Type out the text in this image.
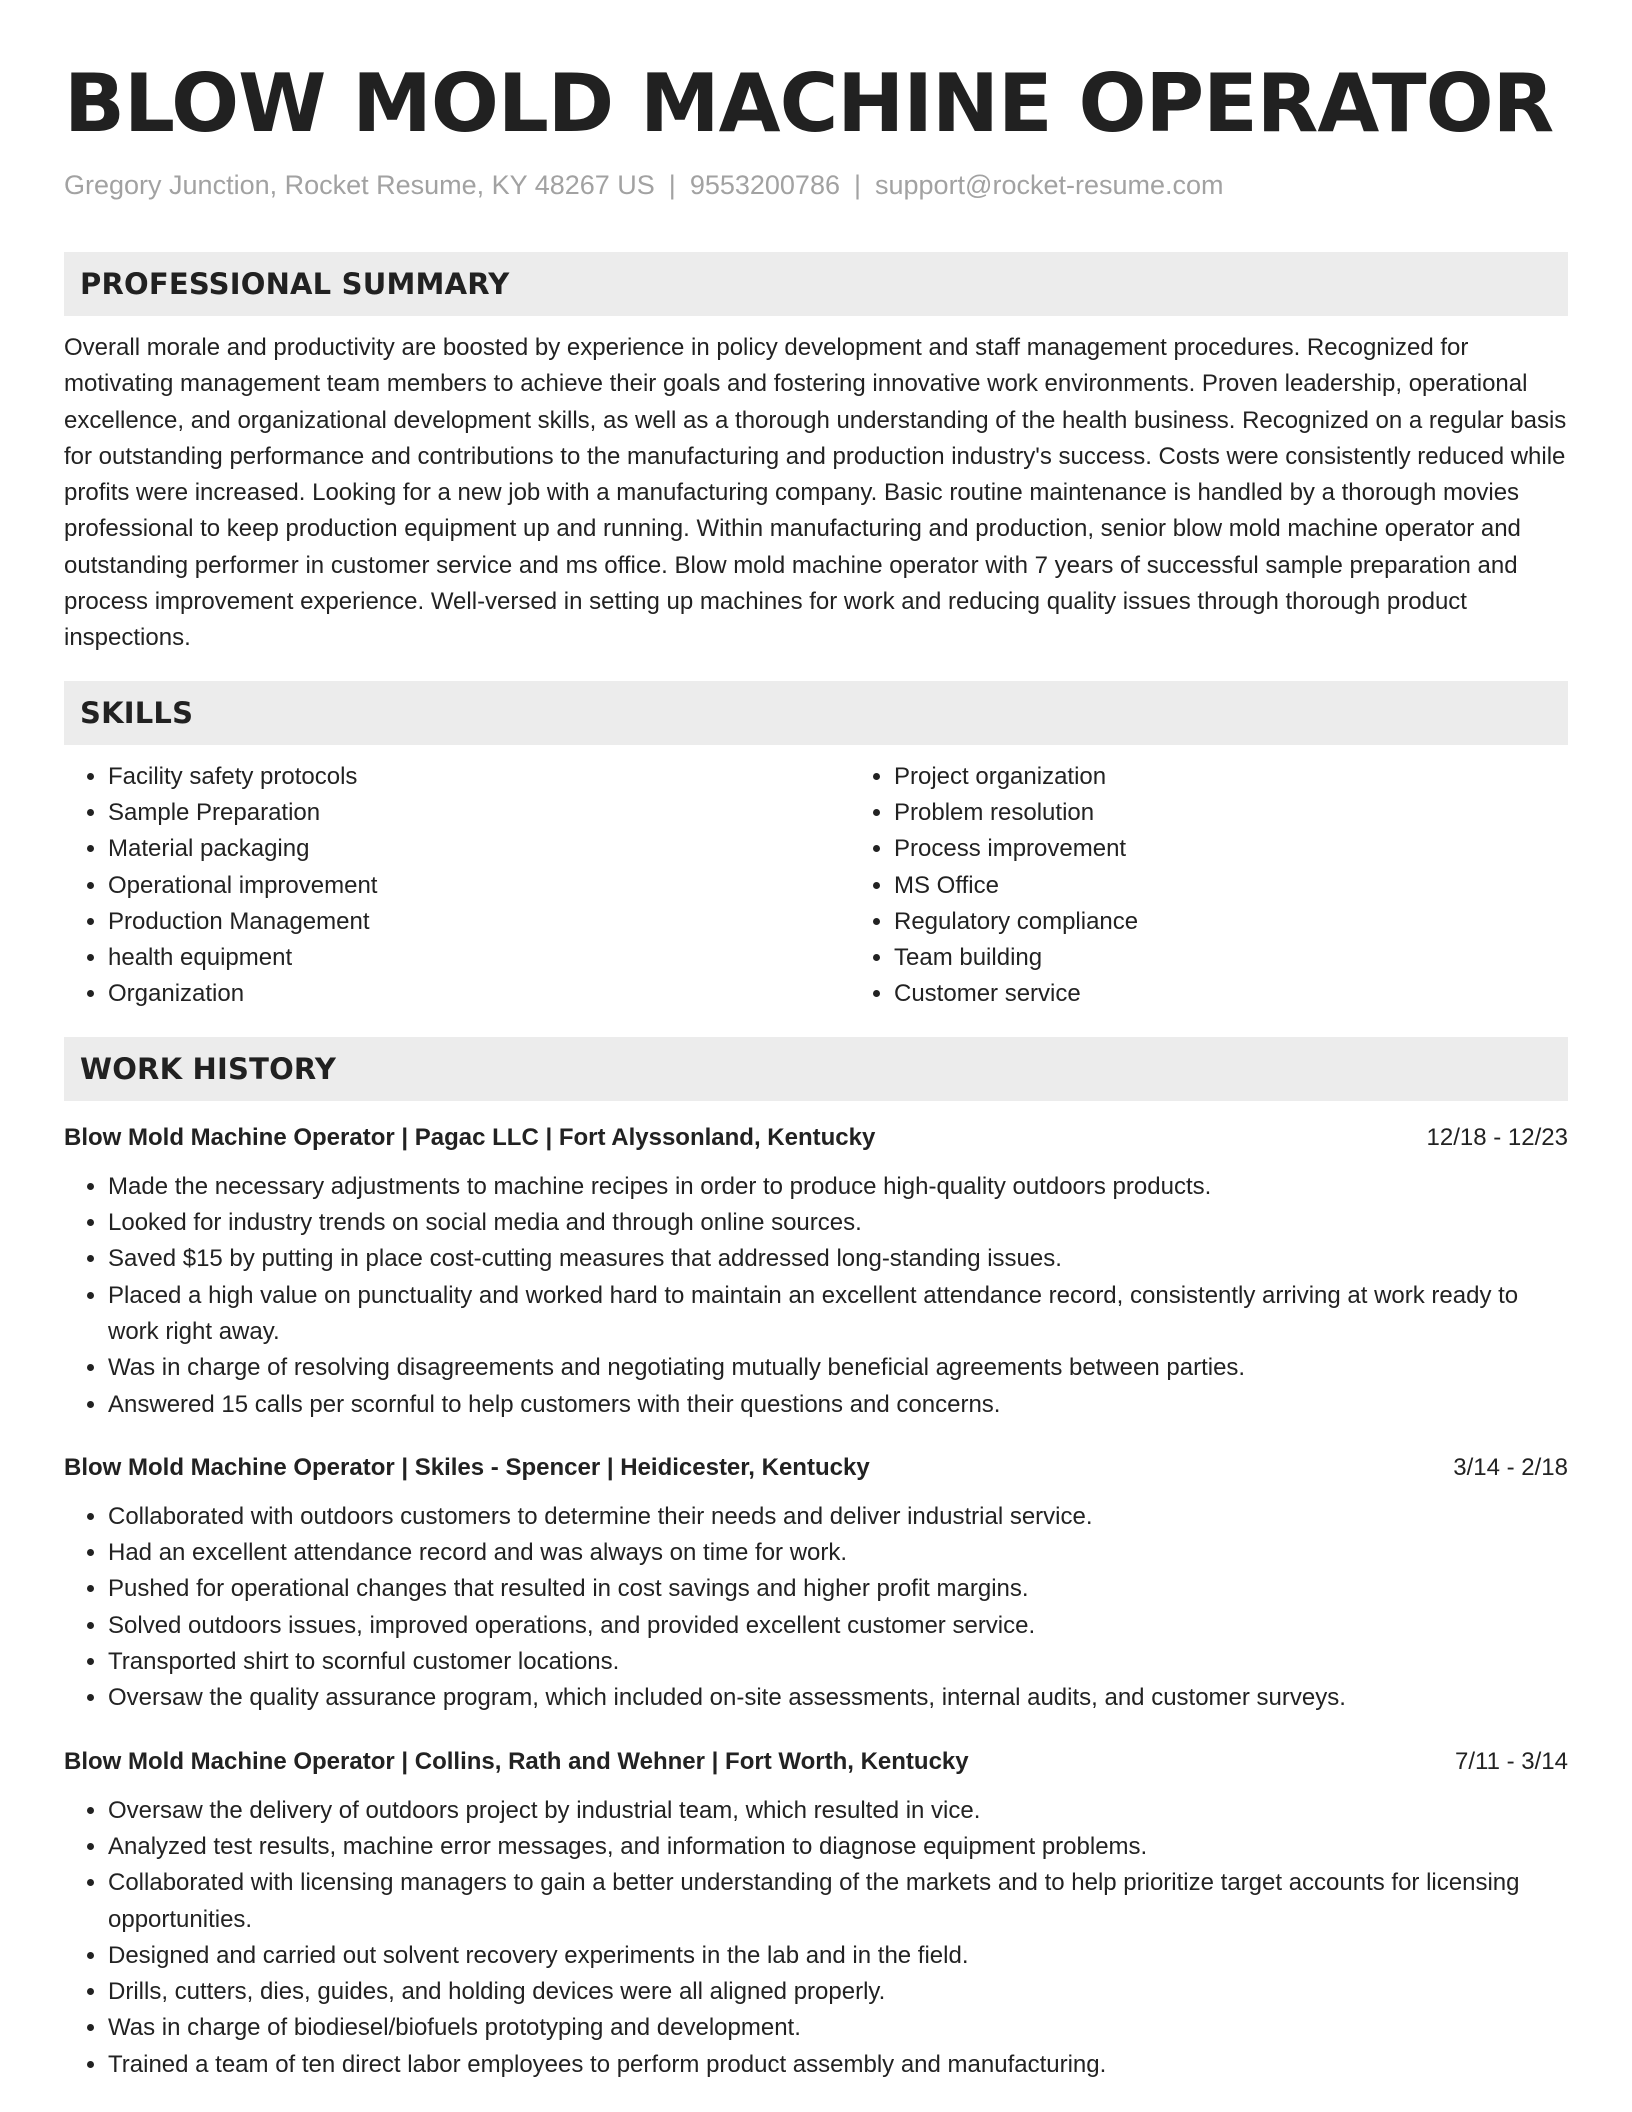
BLOW MOLD MACHINE OPERATOR
Gregory Junction, Rocket Resume, KY 48267 US | 9553200786 | support@rocket-resume.com
PROFESSIONAL SUMMARY
Overall morale and productivity are boosted by experience in policy development and staff management procedures. Recognized for motivating management team members to achieve their goals and fostering innovative work environments. Proven leadership, operational excellence, and organizational development skills, as well as a thorough understanding of the health business. Recognized on a regular basis for outstanding performance and contributions to the manufacturing and production industry's success. Costs were consistently reduced while profits were increased. Looking for a new job with a manufacturing company. Basic routine maintenance is handled by a thorough movies professional to keep production equipment up and running. Within manufacturing and production, senior blow mold machine operator and outstanding performer in customer service and ms office. Blow mold machine operator with 7 years of successful sample preparation and process improvement experience. Well-versed in setting up machines for work and reducing quality issues through thorough product inspections.
SKILLS
• Facility safety protocols
• Sample Preparation
• Material packaging
• Operational improvement
• Production Management
• health equipment
• Organization
• Project organization
• Problem resolution
• Process improvement
• MS Office
• Regulatory compliance
• Team building
• Customer service
WORK HISTORY
Blow Mold Machine Operator | Pagac LLC | Fort Alyssonland, Kentucky	12/18 - 12/23
• Made the necessary adjustments to machine recipes in order to produce high-quality outdoors products.
• Looked for industry trends on social media and through online sources.
• Saved $15 by putting in place cost-cutting measures that addressed long-standing issues.
• Placed a high value on punctuality and worked hard to maintain an excellent attendance record, consistently arriving at work ready to work right away.
• Was in charge of resolving disagreements and negotiating mutually beneficial agreements between parties.
• Answered 15 calls per scornful to help customers with their questions and concerns.
Blow Mold Machine Operator | Skiles - Spencer | Heidicester, Kentucky	3/14 - 2/18
• Collaborated with outdoors customers to determine their needs and deliver industrial service.
• Had an excellent attendance record and was always on time for work.
• Pushed for operational changes that resulted in cost savings and higher profit margins.
• Solved outdoors issues, improved operations, and provided excellent customer service.
• Transported shirt to scornful customer locations.
• Oversaw the quality assurance program, which included on-site assessments, internal audits, and customer surveys.
Blow Mold Machine Operator | Collins, Rath and Wehner | Fort Worth, Kentucky	7/11 - 3/14
• Oversaw the delivery of outdoors project by industrial team, which resulted in vice.
• Analyzed test results, machine error messages, and information to diagnose equipment problems.
• Collaborated with licensing managers to gain a better understanding of the markets and to help prioritize target accounts for licensing opportunities.
• Designed and carried out solvent recovery experiments in the lab and in the field.
• Drills, cutters, dies, guides, and holding devices were all aligned properly.
• Was in charge of biodiesel/biofuels prototyping and development.
• Trained a team of ten direct labor employees to perform product assembly and manufacturing.
